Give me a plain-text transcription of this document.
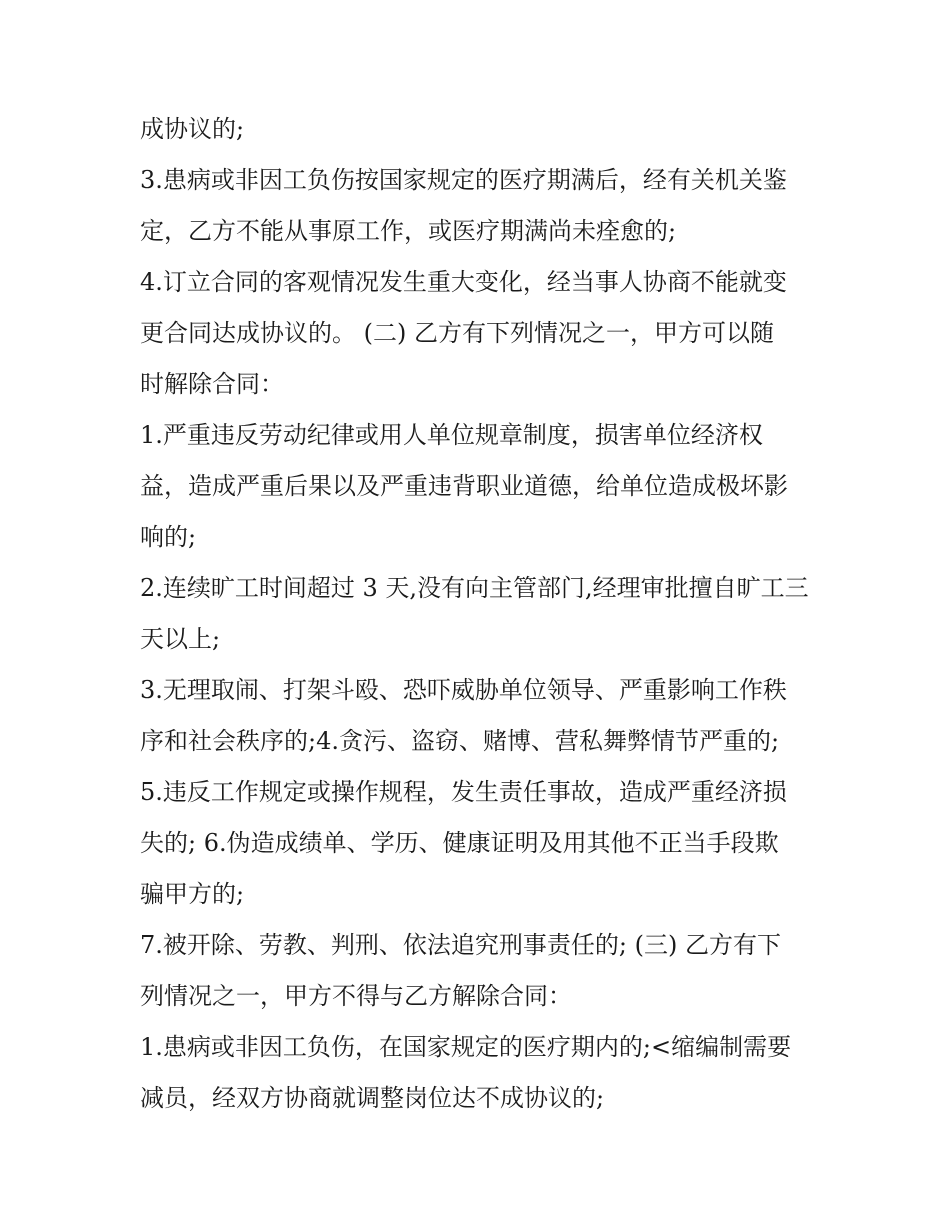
成协议的;
3.患病或非因工负伤按国家规定的医疗期满后，经有关机关鉴
定，乙方不能从事原工作，或医疗期满尚未痊愈的;
4.订立合同的客观情况发生重大变化，经当事人协商不能就变
更合同达成协议的。 (二) 乙方有下列情况之一，甲方可以随
时解除合同：
1.严重违反劳动纪律或用人单位规章制度，损害单位经济权
益，造成严重后果以及严重违背职业道德，给单位造成极坏影
响的;
2.连续旷工时间超过 3 天,没有向主管部门,经理审批擅自旷工三
天以上;
3.无理取闹、打架斗殴、恐吓威胁单位领导、严重影响工作秩
序和社会秩序的;4.贪污、盗窃、赌博、营私舞弊情节严重的;
5.违反工作规定或操作规程，发生责任事故，造成严重经济损
失的; 6.伪造成绩单、学历、健康证明及用其他不正当手段欺
骗甲方的;
7.被开除、劳教、判刑、依法追究刑事责任的; (三) 乙方有下
列情况之一，甲方不得与乙方解除合同：
1.患病或非因工负伤，在国家规定的医疗期内的;<缩编制需要
减员，经双方协商就调整岗位达不成协议的;
